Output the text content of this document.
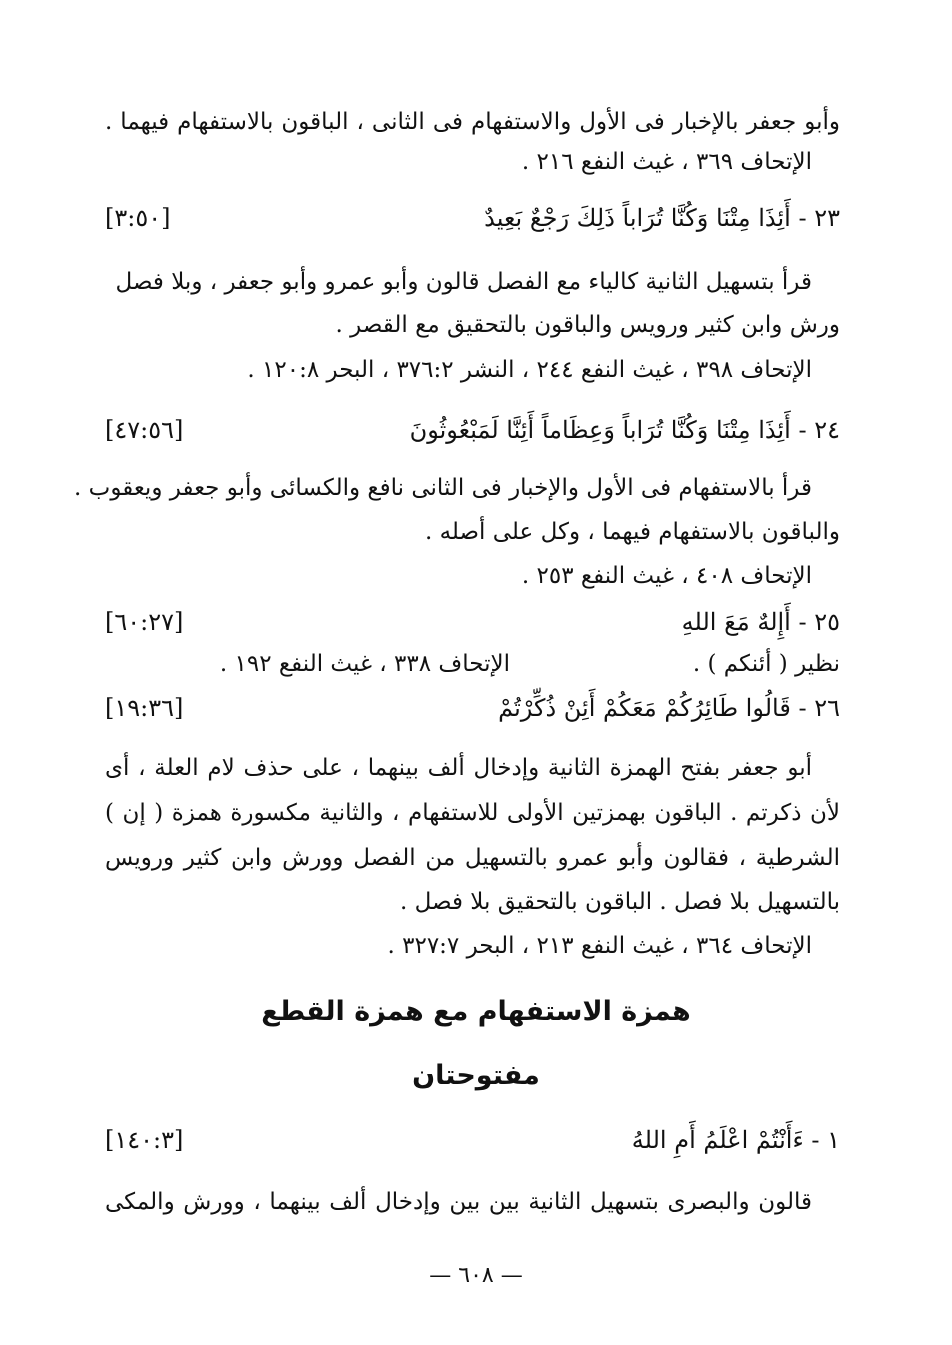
وأبو جعفر بالإخبار فى الأول والاستفهام فى الثانى ، الباقون بالاستفهام فيهما .
الإتحاف ٣٦٩ ، غيث النفع ٢١٦ .
٢٣ - أَئِذَا مِتْنَا وَكُنَّا تُرَاباً ذَلِكَ رَجْعٌ بَعِيدٌ
[٣:٥٠]
قرأ بتسهيل الثانية كالياء مع الفصل قالون وأبو عمرو وأبو جعفر ، وبلا فصل
ورش وابن كثير ورويس والباقون بالتحقيق مع القصر .
الإتحاف ٣٩٨ ، غيث النفع ٢٤٤ ، النشر ٣٧٦:٢ ، البحر ١٢٠:٨ .
٢٤ - أَئِذَا مِتْنَا وَكُنَّا تُرَاباً وَعِظَاماً أَئِنَّا لَمَبْعُوثُونَ
[٤٧:٥٦]
قرأ بالاستفهام فى الأول والإخبار فى الثانى نافع والكسائى وأبو جعفر ويعقوب .
والباقون بالاستفهام فيهما ، وكل على أصله .
الإتحاف ٤٠٨ ، غيث النفع ٢٥٣ .
٢٥ - أَإِلهٌ مَعَ اللهِ
[٦٠:٢٧]
نظير ( أئنكم ) .
الإتحاف ٣٣٨ ، غيث النفع ١٩٢ .
٢٦ - قَالُوا طَائِرُكُمْ مَعَكُمْ أَئِنْ ذُكِّرْتُمْ
[١٩:٣٦]
أبو جعفر بفتح الهمزة الثانية وإدخال ألف بينهما ، على حذف لام العلة ، أى
لأن ذكرتم . الباقون بهمزتين الأولى للاستفهام ، والثانية مكسورة همزة ( إن )
الشرطية ، فقالون وأبو عمرو بالتسهيل من الفصل وورش وابن كثير ورويس
بالتسهيل بلا فصل . الباقون بالتحقيق بلا فصل .
الإتحاف ٣٦٤ ، غيث النفع ٢١٣ ، البحر ٣٢٧:٧ .
همزة الاستفهام مع همزة القطع
مفتوحتان
١ - ءَأَنْتُمْ اعْلَمُ أَمِ اللهُ
[١٤٠:٣]
قالون والبصرى بتسهيل الثانية بين بين وإدخال ألف بينهما ، وورش والمكى
— ٦٠٨ —
